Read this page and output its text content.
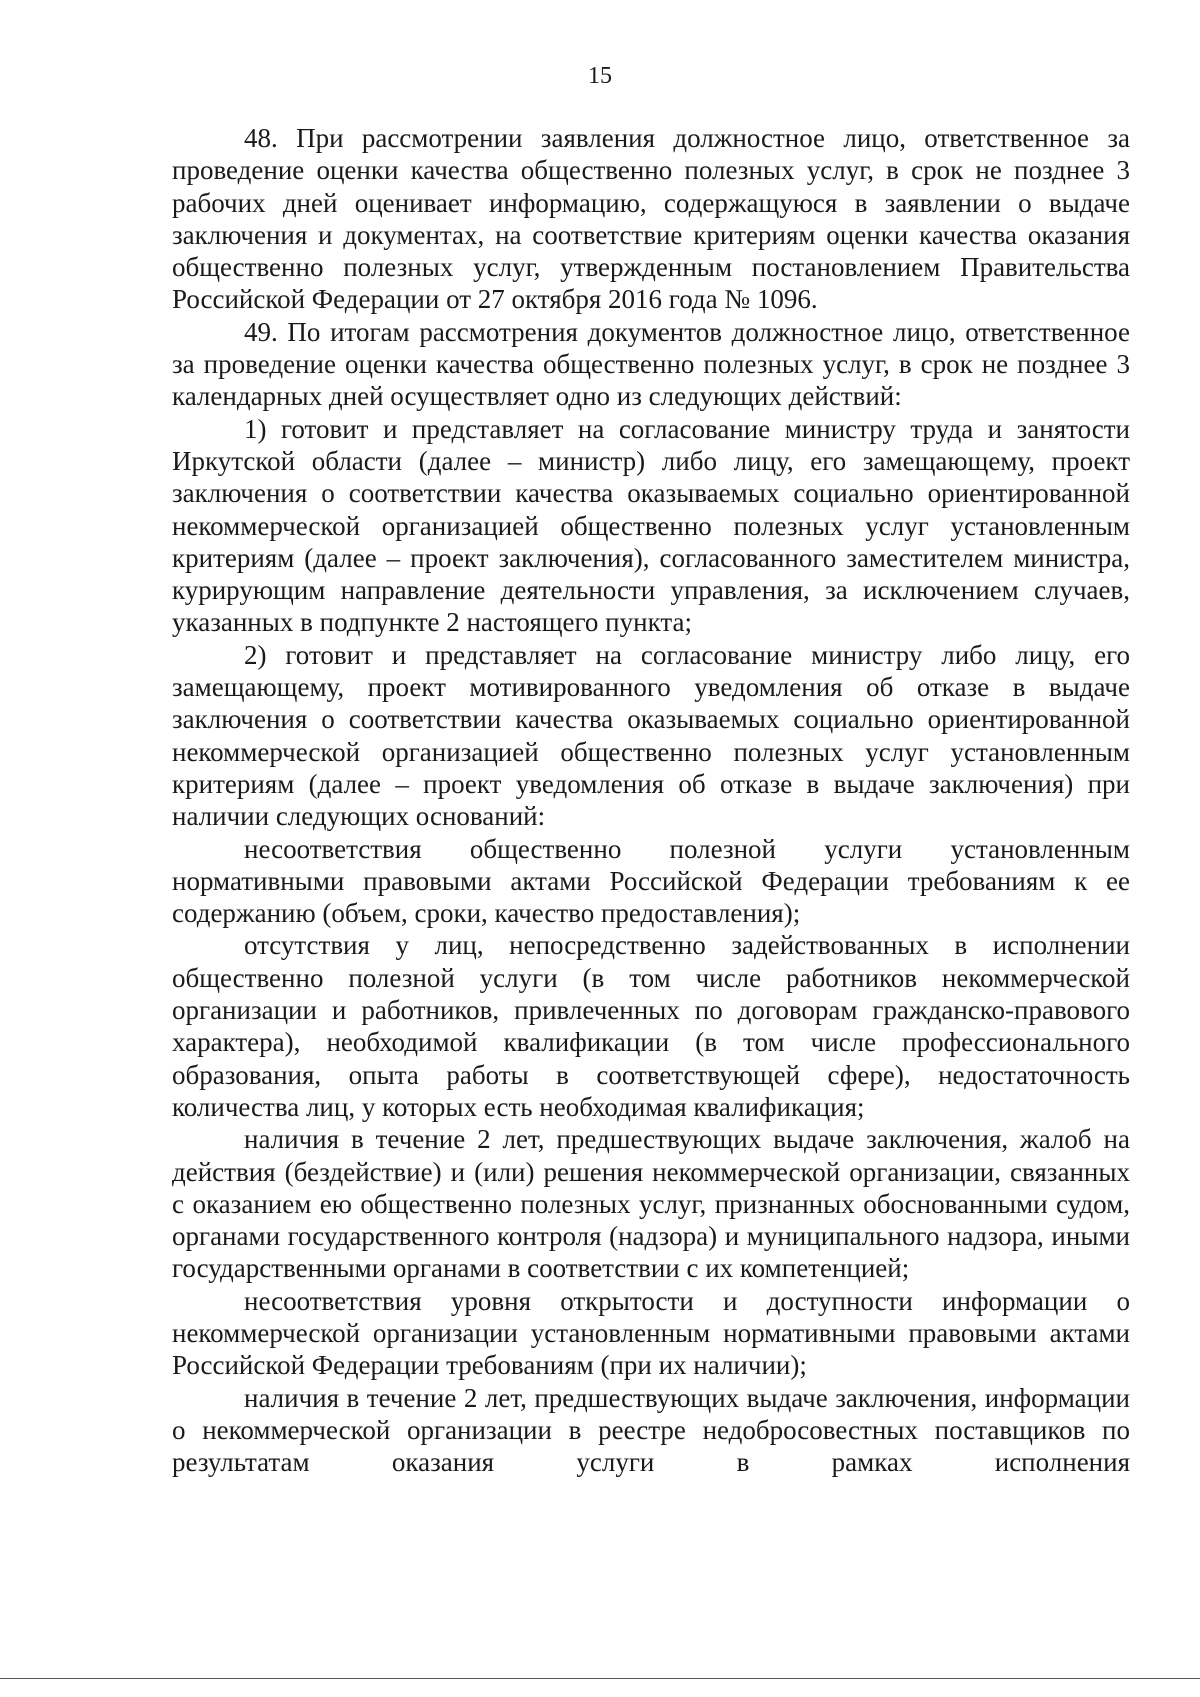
15

48. При рассмотрении заявления должностное лицо, ответственное за проведение оценки качества общественно полезных услуг, в срок не позднее 3 рабочих дней оценивает информацию, содержащуюся в заявлении о выдаче заключения и документах, на соответствие критериям оценки качества оказания общественно полезных услуг, утвержденным постановлением Правительства Российской Федерации от 27 октября 2016 года № 1096.

49. По итогам рассмотрения документов должностное лицо, ответственное за проведение оценки качества общественно полезных услуг, в срок не позднее 3 календарных дней осуществляет одно из следующих действий:

1) готовит и представляет на согласование министру труда и занятости Иркутской области (далее – министр) либо лицу, его замещающему, проект заключения о соответствии качества оказываемых социально ориентированной некоммерческой организацией общественно полезных услуг установленным критериям (далее – проект заключения), согласованного заместителем министра, курирующим направление деятельности управления, за исключением случаев, указанных в подпункте 2 настоящего пункта;

2) готовит и представляет на согласование министру либо лицу, его замещающему, проект мотивированного уведомления об отказе в выдаче заключения о соответствии качества оказываемых социально ориентированной некоммерческой организацией общественно полезных услуг установленным критериям (далее – проект уведомления об отказе в выдаче заключения) при наличии следующих оснований:

несоответствия общественно полезной услуги установленным нормативными правовыми актами Российской Федерации требованиям к ее содержанию (объем, сроки, качество предоставления);

отсутствия у лиц, непосредственно задействованных в исполнении общественно полезной услуги (в том числе работников некоммерческой организации и работников, привлеченных по договорам гражданско-правового характера), необходимой квалификации (в том числе профессионального образования, опыта работы в соответствующей сфере), недостаточность количества лиц, у которых есть необходимая квалификация;

наличия в течение 2 лет, предшествующих выдаче заключения, жалоб на действия (бездействие) и (или) решения некоммерческой организации, связанных с оказанием ею общественно полезных услуг, признанных обоснованными судом, органами государственного контроля (надзора) и муниципального надзора, иными государственными органами в соответствии с их компетенцией;

несоответствия уровня открытости и доступности информации о некоммерческой организации установленным нормативными правовыми актами Российской Федерации требованиям (при их наличии);

наличия в течение 2 лет, предшествующих выдаче заключения, информации о некоммерческой организации в реестре недобросовестных поставщиков по результатам оказания услуги в рамках исполнения
